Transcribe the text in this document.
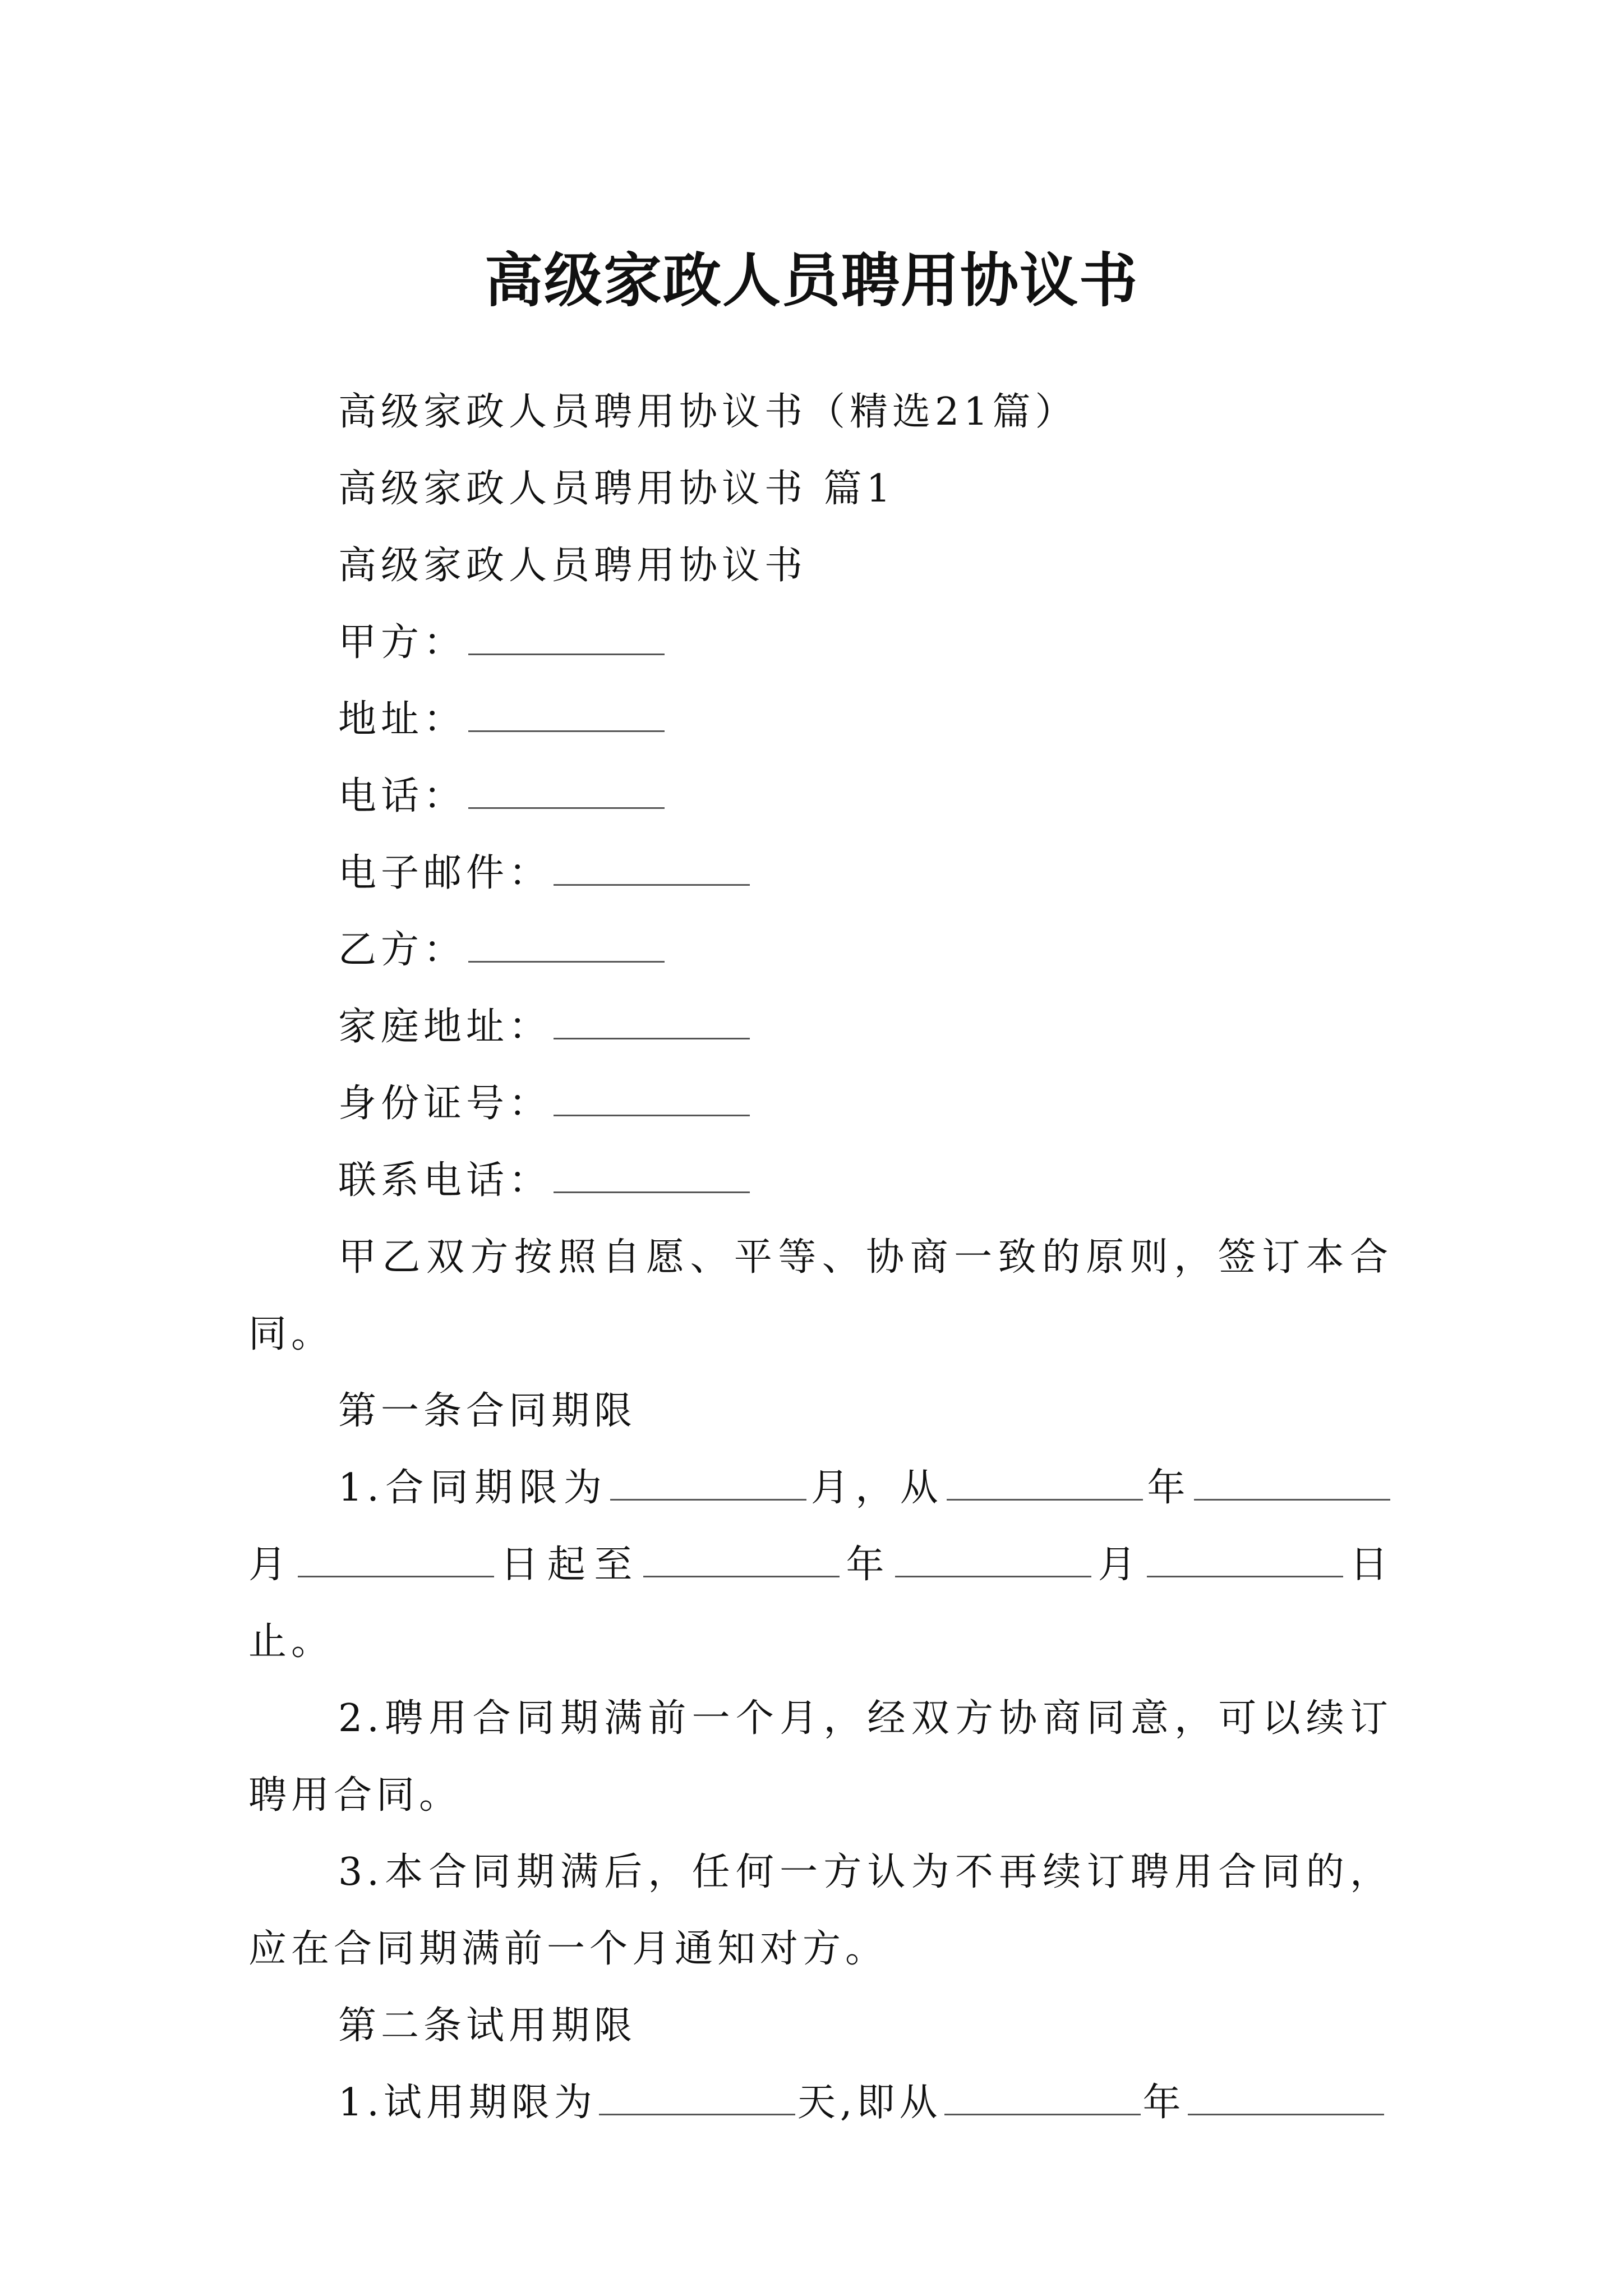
高级家政人员聘用协议书

高级家政人员聘用协议书（精选21篇）

高级家政人员聘用协议书 篇1

高级家政人员聘用协议书

甲方：

地址：

电话：

电子邮件：

乙方：

家庭地址：

身份证号：

联系电话：

甲乙双方按照自愿、平等、协商一致的原则，签订本合同。

第一条合同期限

1.合同期限为	月，从	年月	日起至	年	月	日止。

2.聘用合同期满前一个月，经双方协商同意，可以续订聘用合同。

3.本合同期满后，任何一方认为不再续订聘用合同的，应在合同期满前一个月通知对方。

第二条试用期限

1.试用期限为	天,即从	年
